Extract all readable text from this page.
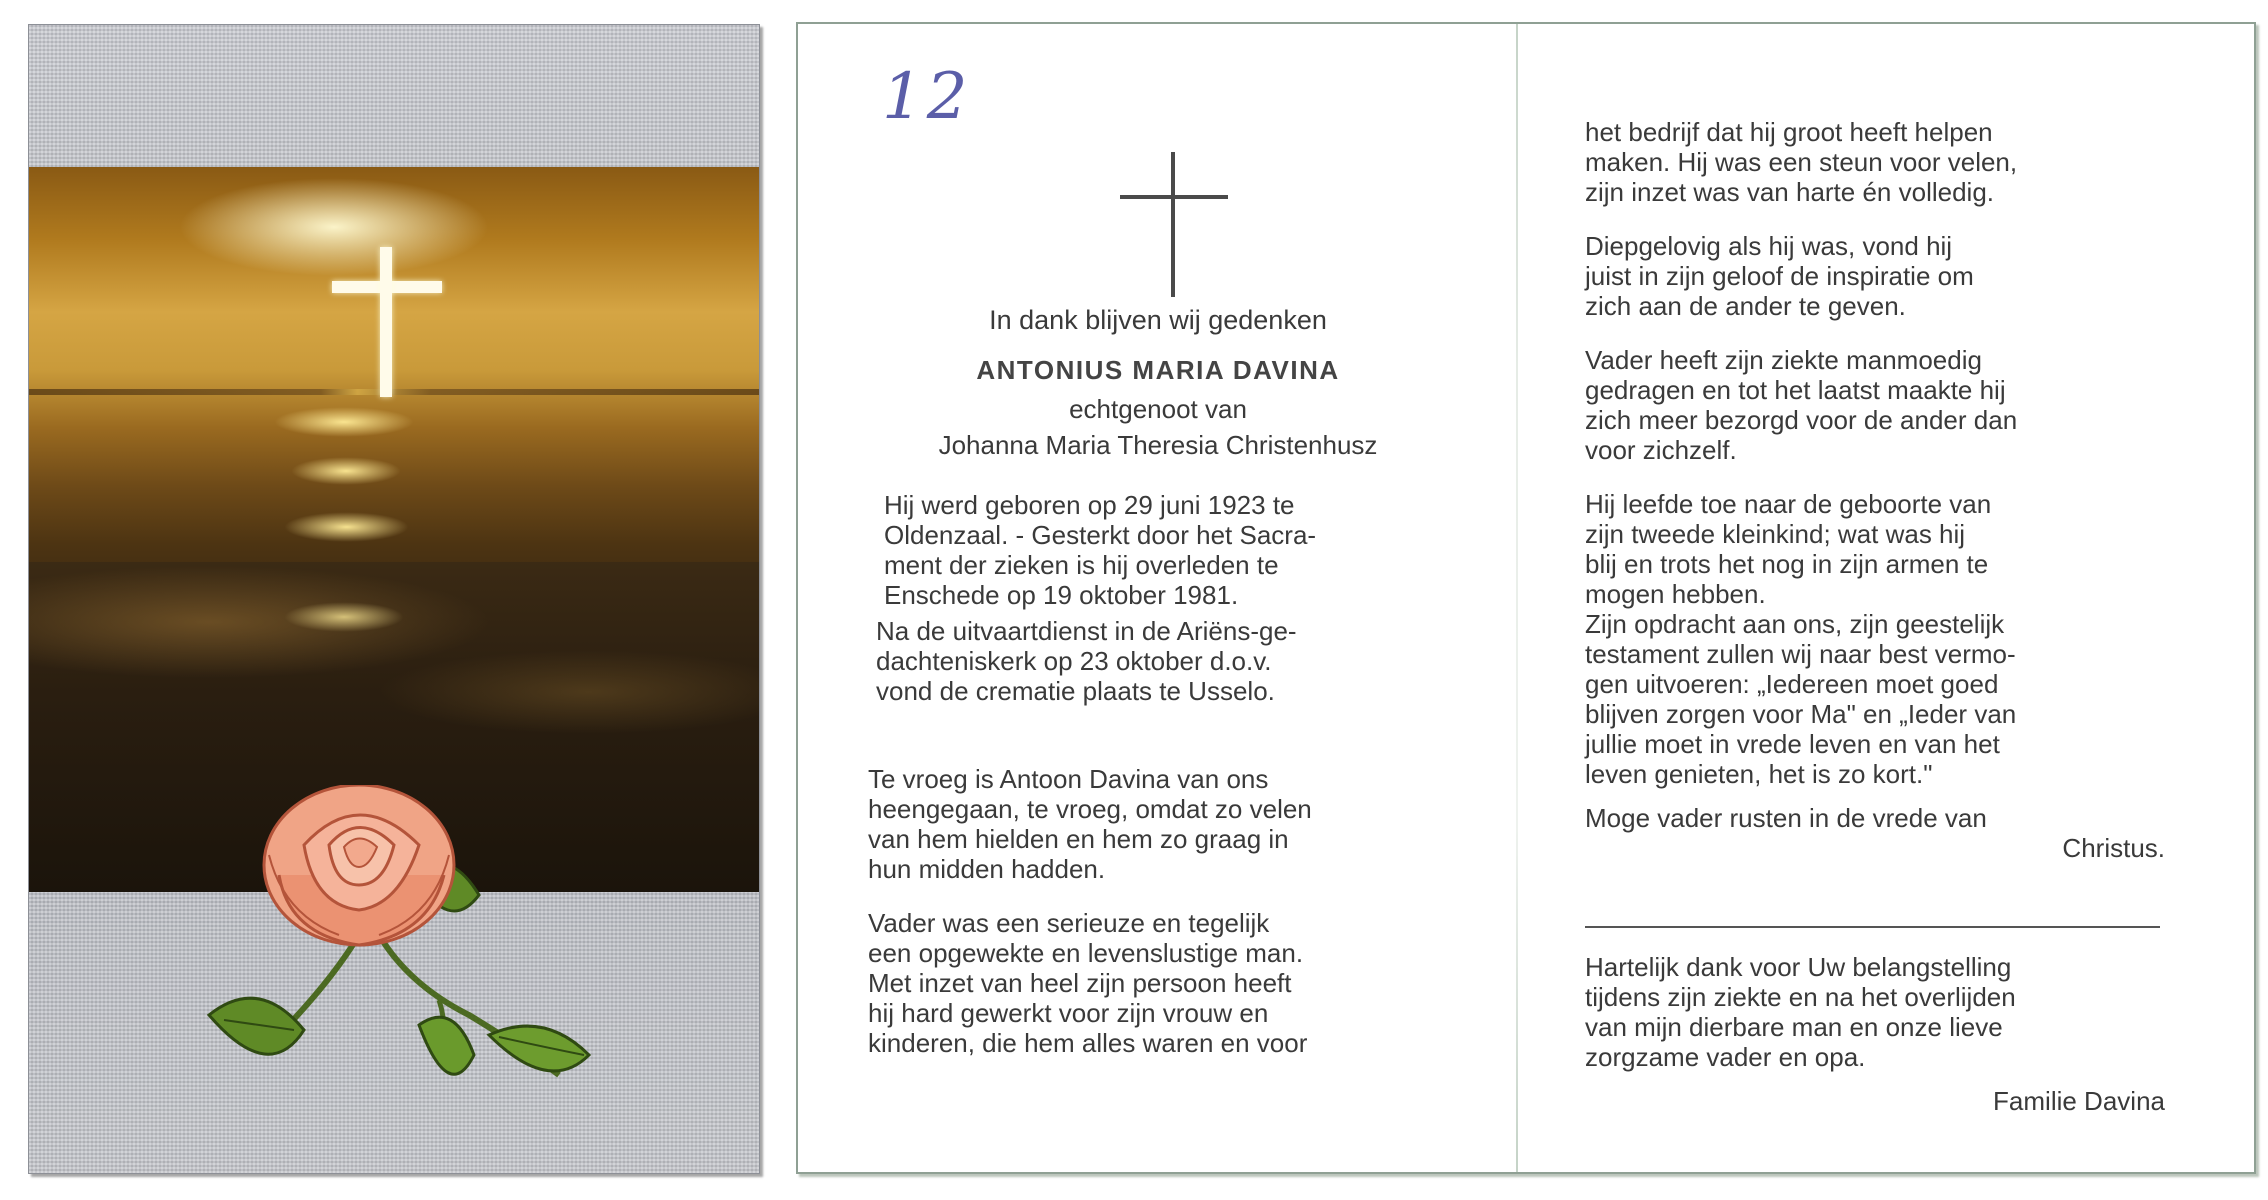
12

In dank blijven wij gedenken

ANTONIUS MARIA DAVINA

echtgenoot van

Johanna Maria Theresia Christenhusz

Hij werd geboren op 29 juni 1923 te
Oldenzaal. - Gesterkt door het Sacra-
ment der zieken is hij overleden te
Enschede op 19 oktober 1981.

Na de uitvaartdienst in de Ariëns-ge-
dachteniskerk op 23 oktober d.o.v.
vond de crematie plaats te Usselo.

Te vroeg is Antoon Davina van ons
heengegaan, te vroeg, omdat zo velen
van hem hielden en hem zo graag in
hun midden hadden.

Vader was een serieuze en tegelijk
een opgewekte en levenslustige man.
Met inzet van heel zijn persoon heeft
hij hard gewerkt voor zijn vrouw en
kinderen, die hem alles waren en voor

het bedrijf dat hij groot heeft helpen
maken. Hij was een steun voor velen,
zijn inzet was van harte én volledig.

Diepgelovig als hij was, vond hij
juist in zijn geloof de inspiratie om
zich aan de ander te geven.

Vader heeft zijn ziekte manmoedig
gedragen en tot het laatst maakte hij
zich meer bezorgd voor de ander dan
voor zichzelf.

Hij leefde toe naar de geboorte van
zijn tweede kleinkind; wat was hij
blij en trots het nog in zijn armen te
mogen hebben.
Zijn opdracht aan ons, zijn geestelijk
testament zullen wij naar best vermo-
gen uitvoeren: „Iedereen moet goed
blijven zorgen voor Ma" en „Ieder van
jullie moet in vrede leven en van het
leven genieten, het is zo kort."

Moge vader rusten in de vrede van

Christus.

Hartelijk dank voor Uw belangstelling
tijdens zijn ziekte en na het overlijden
van mijn dierbare man en onze lieve
zorgzame vader en opa.

Familie Davina
